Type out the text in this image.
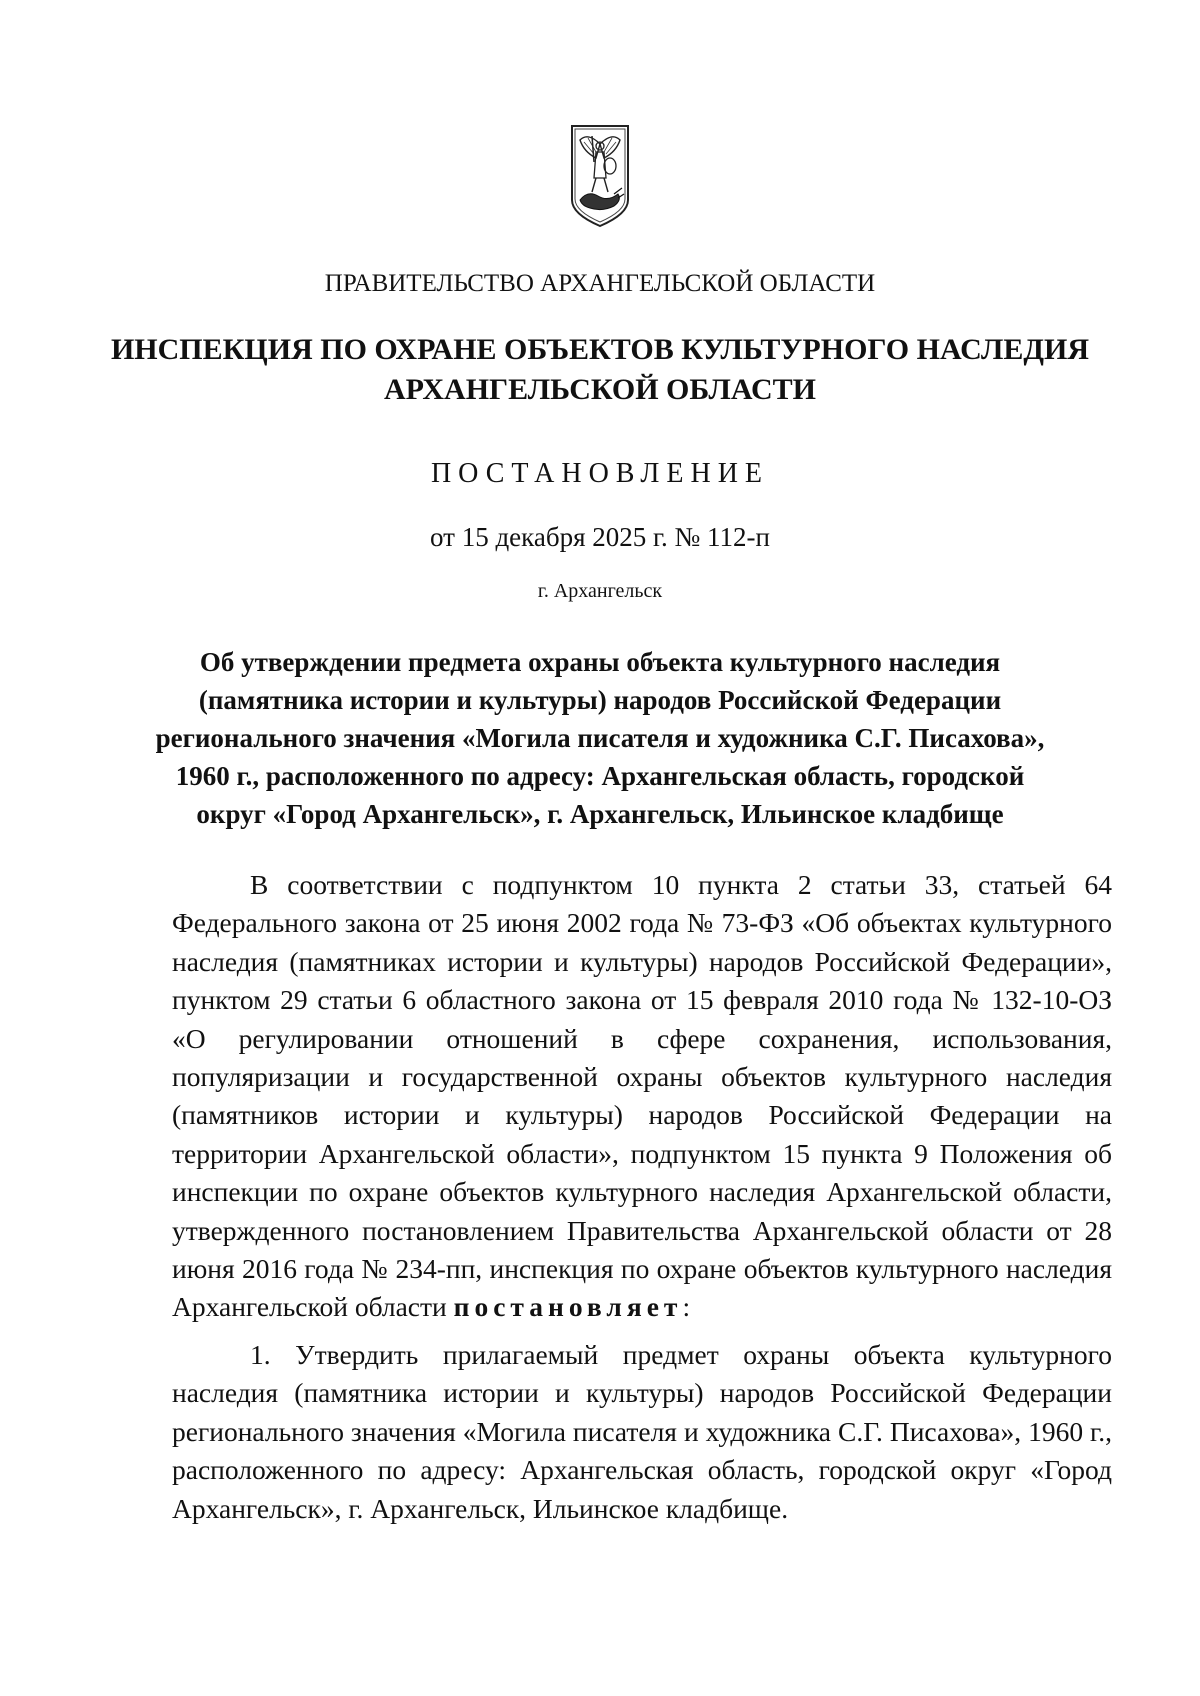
ПРАВИТЕЛЬСТВО АРХАНГЕЛЬСКОЙ ОБЛАСТИ
ИНСПЕКЦИЯ ПО ОХРАНЕ ОБЪЕКТОВ КУЛЬТУРНОГО НАСЛЕДИЯ
АРХАНГЕЛЬСКОЙ ОБЛАСТИ
ПОСТАНОВЛЕНИЕ
от 15 декабря 2025 г. № 112-п
г. Архангельск
Об утверждении предмета охраны объекта культурного наследия
(памятника истории и культуры) народов Российской Федерации
регионального значения «Могила писателя и художника С.Г. Писахова»,
1960 г., расположенного по адресу: Архангельская область, городской
округ «Город Архангельск», г. Архангельск, Ильинское кладбище
В соответствии с подпунктом 10 пункта 2 статьи 33, статьей 64 Федерального закона от 25 июня 2002 года № 73-ФЗ «Об объектах культурного наследия (памятниках истории и культуры) народов Российской Федерации», пунктом 29 статьи 6 областного закона от 15 февраля 2010 года № 132-10-ОЗ «О регулировании отношений в сфере сохранения, использования, популяризации и государственной охраны объектов культурного наследия (памятников истории и культуры) народов Российской Федерации на территории Архангельской области», подпунктом 15 пункта 9 Положения об инспекции по охране объектов культурного наследия Архангельской области, утвержденного постановлением Правительства Архангельской области от 28 июня 2016 года № 234-пп, инспекция по охране объектов культурного наследия Архангельской области постановляет:
1. Утвердить прилагаемый предмет охраны объекта культурного наследия (памятника истории и культуры) народов Российской Федерации регионального значения «Могила писателя и художника С.Г. Писахова», 1960 г., расположенного по адресу: Архангельская область, городской округ «Город Архангельск», г. Архангельск, Ильинское кладбище.
